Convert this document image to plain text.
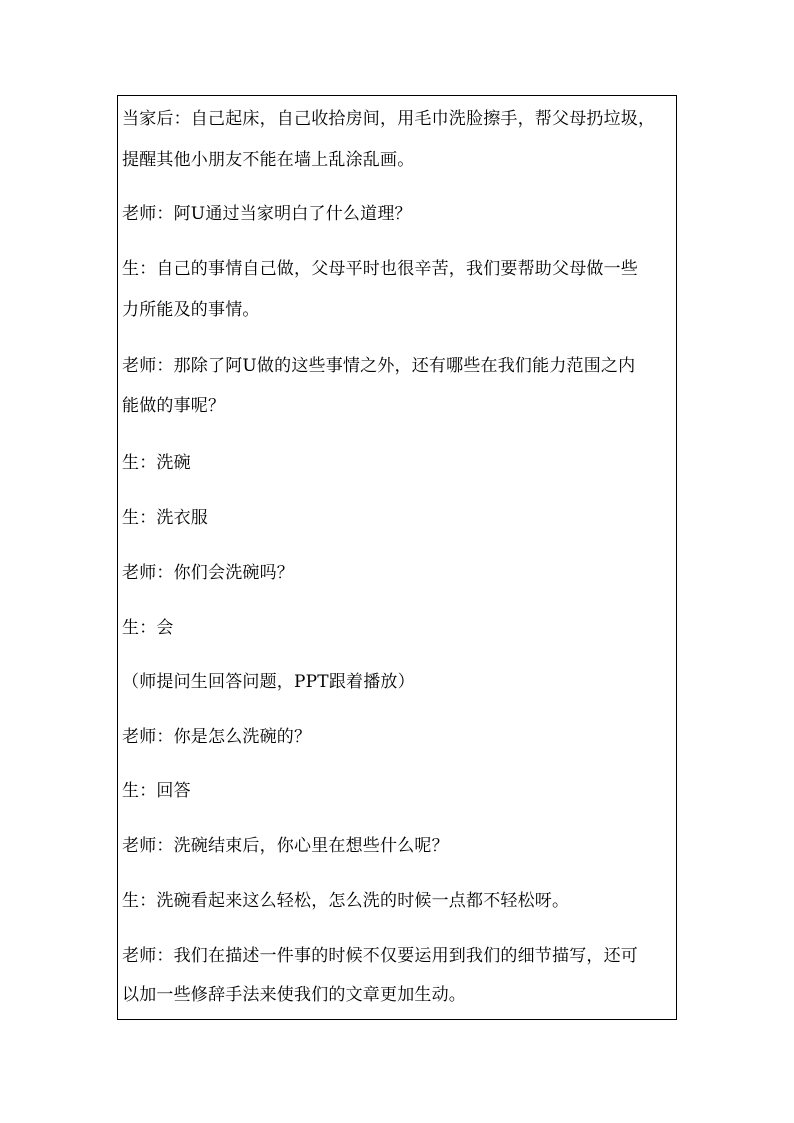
当家后：自己起床，自己收拾房间，用毛巾洗脸擦手，帮父母扔垃圾，
提醒其他小朋友不能在墙上乱涂乱画。
老师：阿U通过当家明白了什么道理？
生：自己的事情自己做，父母平时也很辛苦，我们要帮助父母做一些
力所能及的事情。
老师：那除了阿U做的这些事情之外，还有哪些在我们能力范围之内
能做的事呢？
生：洗碗
生：洗衣服
老师：你们会洗碗吗？
生：会
（师提问生回答问题，PPT跟着播放）
老师：你是怎么洗碗的？
生：回答
老师：洗碗结束后，你心里在想些什么呢？
生：洗碗看起来这么轻松，怎么洗的时候一点都不轻松呀。
老师：我们在描述一件事的时候不仅要运用到我们的细节描写，还可
以加一些修辞手法来使我们的文章更加生动。
